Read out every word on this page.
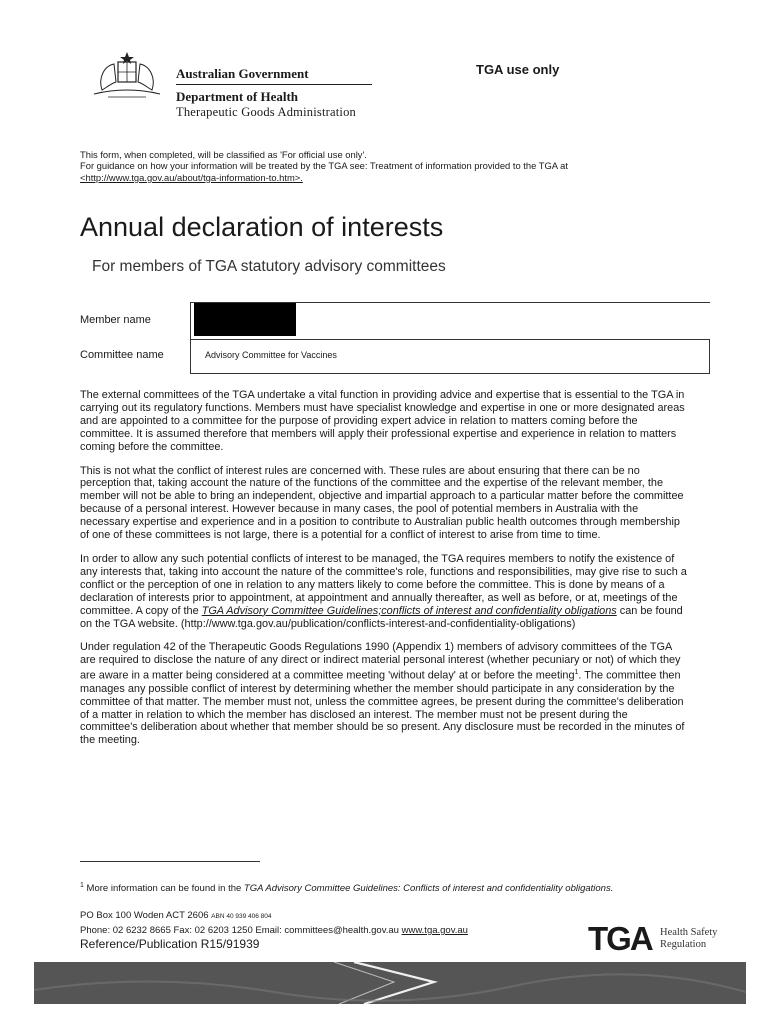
Australian Government
Department of Health
Therapeutic Goods Administration
TGA use only

This form, when completed, will be classified as 'For official use only'.

For guidance on how your information will be treated by the TGA see: Treatment of information provided to the TGA at

<http://www.tga.gov.au/about/tga-information-to.htm>.

Annual declaration of interests
For members of TGA statutory advisory committees
Member name
Committee name	Advisory Committee for Vaccines

The external committees of the TGA undertake a vital function in providing advice and expertise that is essential to the TGA in carrying out its regulatory functions. Members must have specialist knowledge and expertise in one or more designated areas and are appointed to a committee for the purpose of providing expert advice in relation to matters coming before the committee. It is assumed therefore that members will apply their professional expertise and experience in relation to matters coming before the committee.

This is not what the conflict of interest rules are concerned with. These rules are about ensuring that there can be no perception that, taking account the nature of the functions of the committee and the expertise of the relevant member, the member will not be able to bring an independent, objective and impartial approach to a particular matter before the committee because of a personal interest. However because in many cases, the pool of potential members in Australia with the necessary expertise and experience and in a position to contribute to Australian public health outcomes through membership of one of these committees is not large, there is a potential for a conflict of interest to arise from time to time.

In order to allow any such potential conflicts of interest to be managed, the TGA requires members to notify the existence of any interests that, taking into account the nature of the committee's role, functions and responsibilities, may give rise to such a conflict or the perception of one in relation to any matters likely to come before the committee. This is done by means of a declaration of interests prior to appointment, at appointment and annually thereafter, as well as before, or at, meetings of the committee. A copy of the TGA Advisory Committee Guidelines;conflicts of interest and confidentiality obligations can be found on the TGA website. (http://www.tga.gov.au/publication/conflicts-interest-and-confidentiality-obligations)

Under regulation 42 of the Therapeutic Goods Regulations 1990 (Appendix 1) members of advisory committees of the TGA are required to disclose the nature of any direct or indirect material personal interest (whether pecuniary or not) of which they are aware in a matter being considered at a committee meeting 'without delay' at or before the meeting$^1$. The committee then manages any possible conflict of interest by determining whether the member should participate in any consideration by the committee of that matter. The member must not, unless the committee agrees, be present during the committee's deliberation of a matter in relation to which the member has disclosed an interest. The member must not be present during the committee's deliberation about whether that member should be so present. Any disclosure must be recorded in the minutes of the meeting.

$^1$ More information can be found in the TGA Advisory Committee Guidelines: Conflicts of interest and confidentiality obligations.
PO Box 100 Woden ACT 2606 ABN 40 939 406 804
Phone: 02 6232 8665 Fax: 02 6203 1250 Email: committees@health.gov.au www.tga.gov.au
Reference/Publication R15/91939	TGA Health Safety
Regulation
